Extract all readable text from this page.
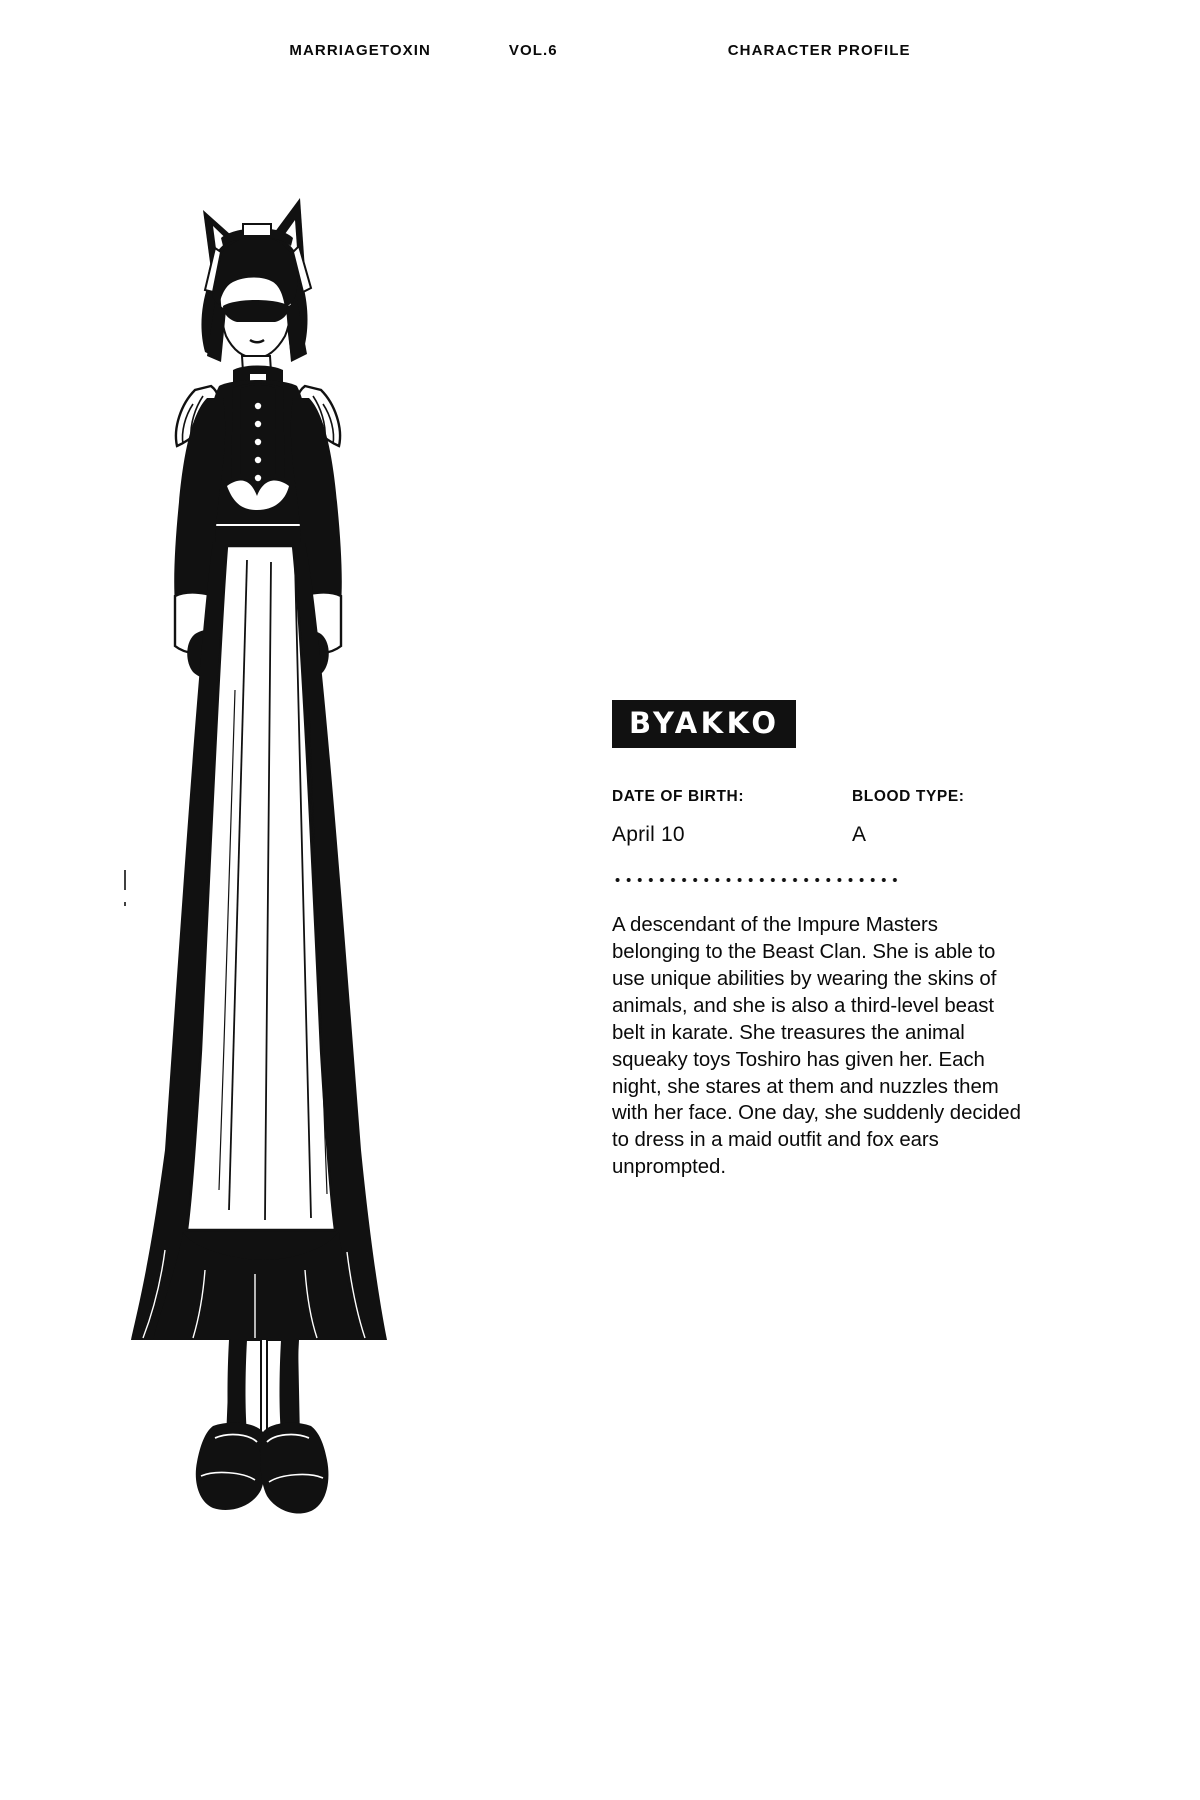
MARRIAGETOXIN	VOL.6	CHARACTER PROFILE
BYAKKO
DATE OF BIRTH:
April 10
BLOOD TYPE:
A

A descendant of the Impure Masters belonging to the Beast Clan. She is able to use unique abilities by wearing the skins of animals, and she is also a third-level beast belt in karate. She treasures the animal squeaky toys Toshiro has given her. Each night, she stares at them and nuzzles them with her face. One day, she suddenly decided to dress in a maid outfit and fox ears unprompted.
